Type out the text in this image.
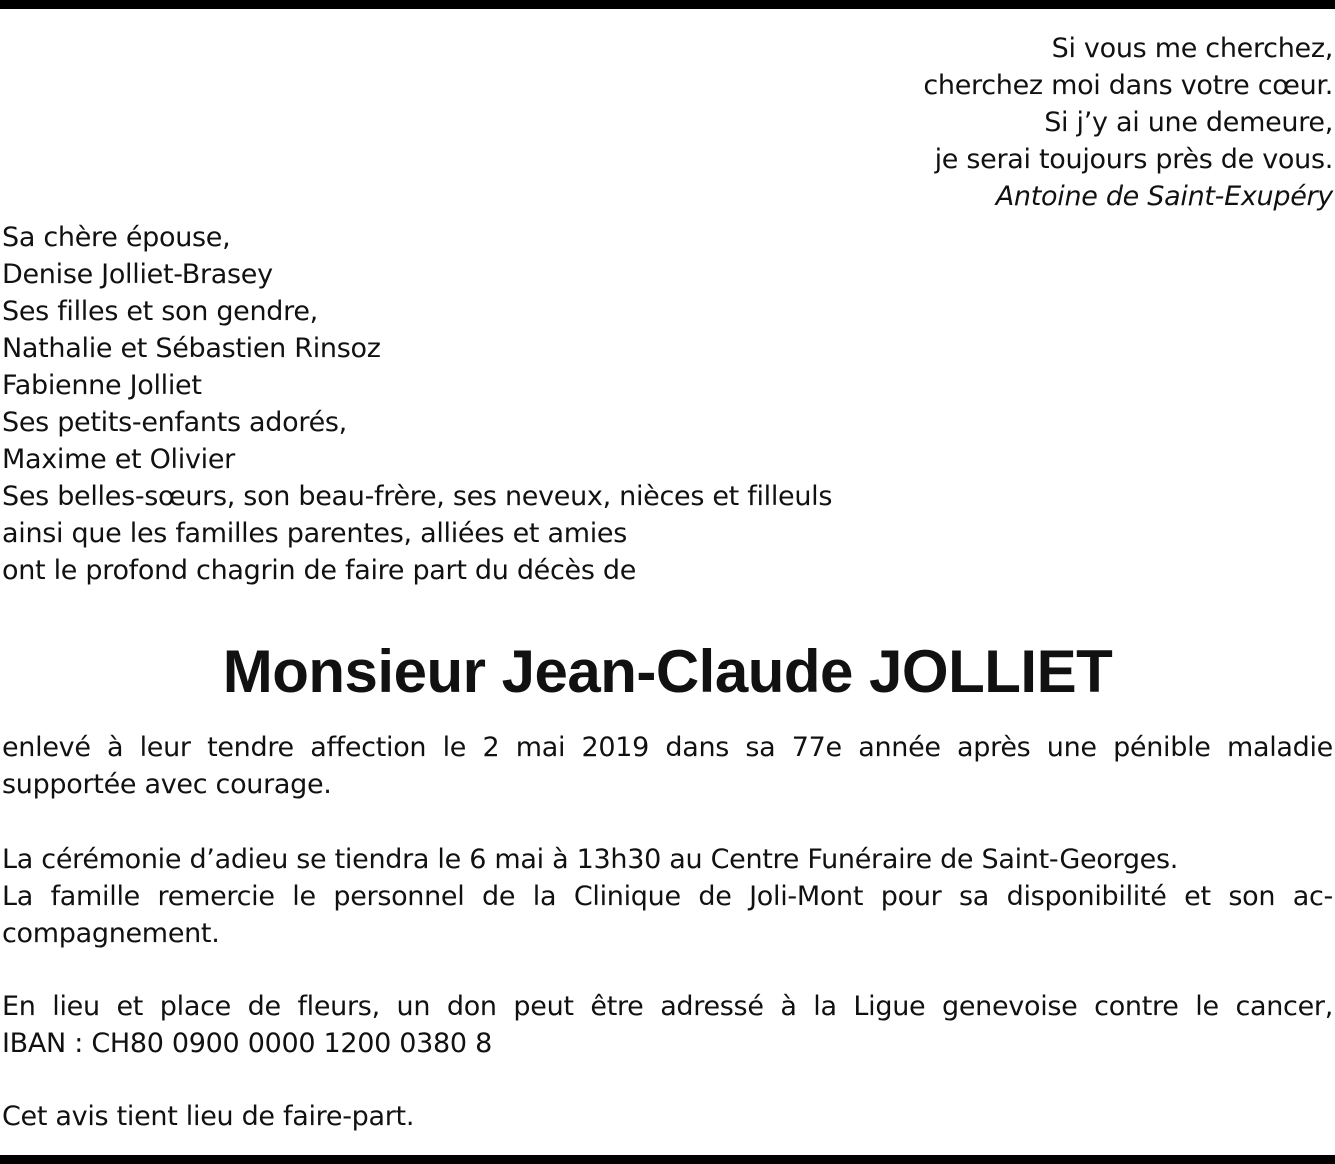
Si vous me cherchez,
cherchez moi dans votre cœur.
Si j’y ai une demeure,
je serai toujours près de vous.
Antoine de Saint-Exupéry
Sa chère épouse,
Denise Jolliet-Brasey
Ses filles et son gendre,
Nathalie et Sébastien Rinsoz
Fabienne Jolliet
Ses petits-enfants adorés,
Maxime et Olivier
Ses belles-sœurs, son beau-frère, ses neveux, nièces et filleuls
ainsi que les familles parentes, alliées et amies
ont le profond chagrin de faire part du décès de
Monsieur Jean-Claude JOLLIET
enlevé à leur tendre affection le 2 mai 2019 dans sa 77e année après une pénible maladie
supportée avec courage.
La cérémonie d’adieu se tiendra le 6 mai à 13h30 au Centre Funéraire de Saint-Georges.
La famille remercie le personnel de la Clinique de Joli-Mont pour sa disponibilité et son ac-
compagnement.
En lieu et place de fleurs, un don peut être adressé à la Ligue genevoise contre le cancer,
IBAN : CH80 0900 0000 1200 0380 8
Cet avis tient lieu de faire-part.
